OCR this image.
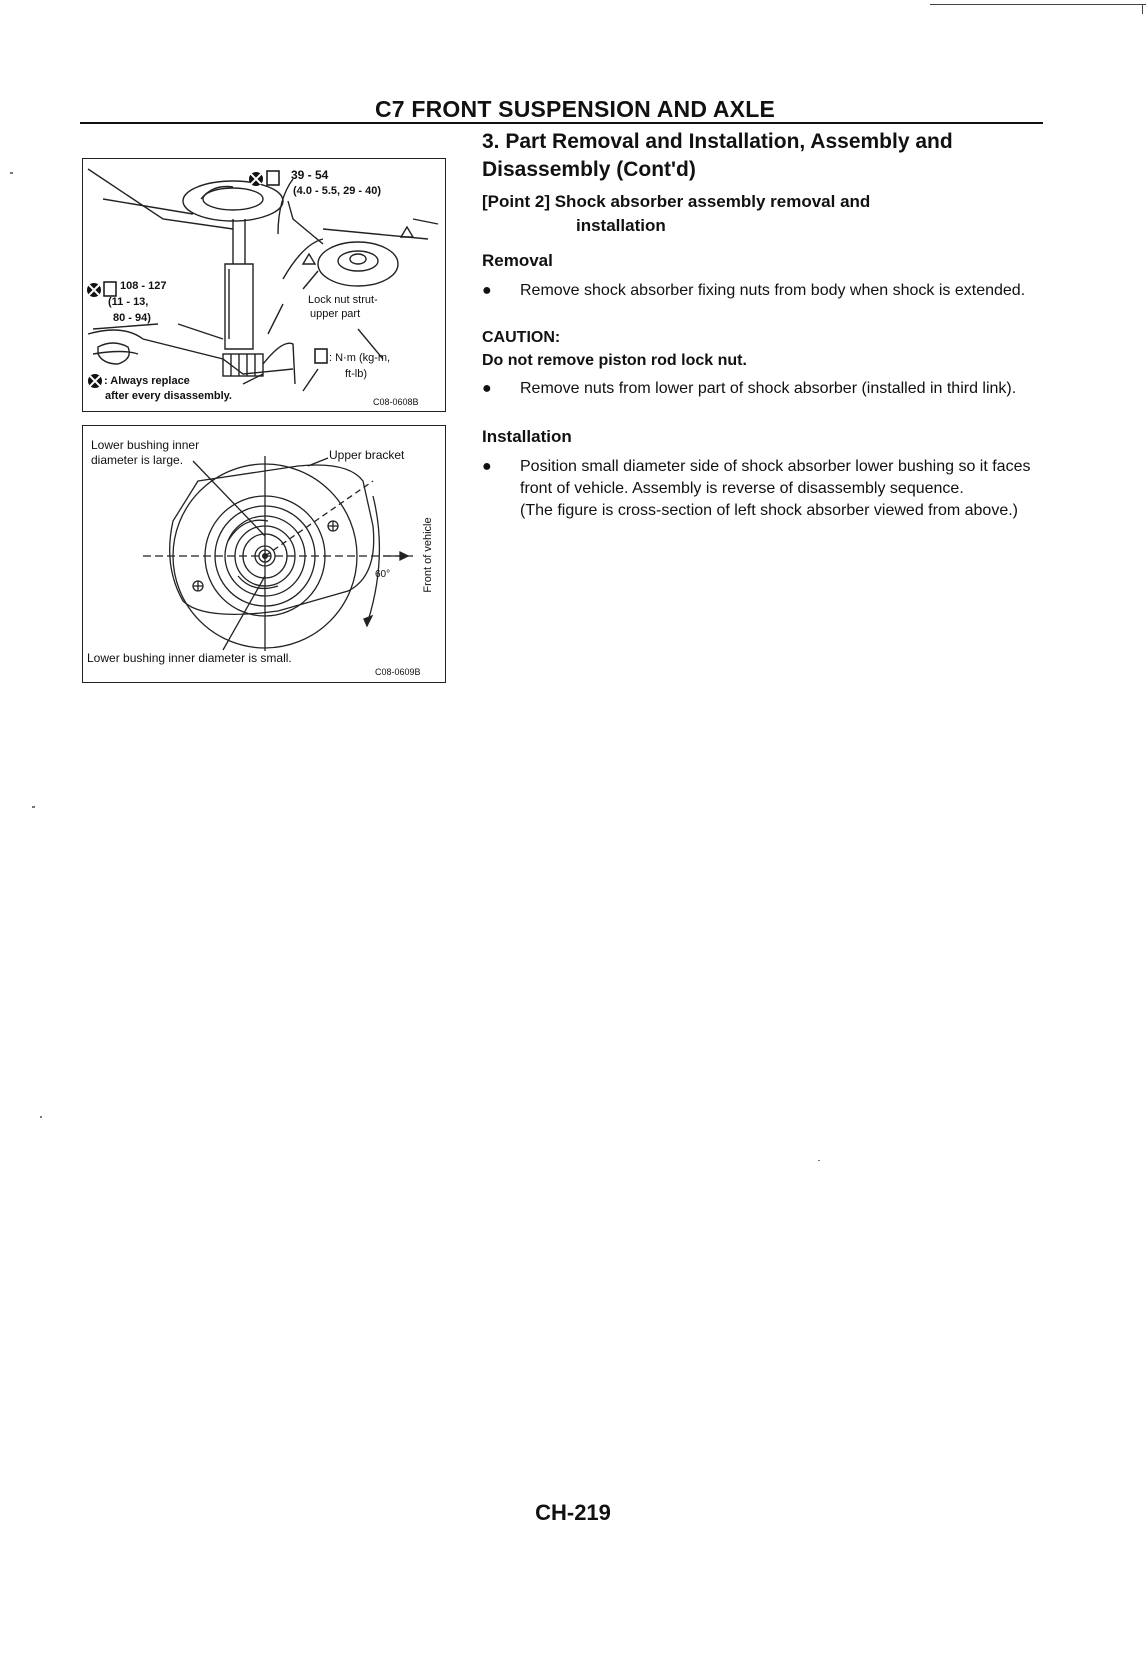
C7 FRONT SUSPENSION AND AXLE
39 - 54
(4.0 - 5.5, 29 - 40)
108 - 127
(11 - 13,
80 - 94)
Lock nut strut-
upper part
: N·m (kg-m,
ft-lb)
: Always replace
after every disassembly.	C08-0608B
Lower bushing inner
diameter is large.	Upper bracket
60°	Front of vehicle
Lower bushing inner diameter is small.
C08-0609B
3. Part Removal and Installation, Assembly and Disassembly (Cont'd)
[Point 2] Shock absorber assembly removal and
installation
Removal
●	Remove shock absorber fixing nuts from body when shock is extended.
CAUTION:
Do not remove piston rod lock nut.
●	Remove nuts from lower part of shock absorber (installed in third link).
Installation
●	Position small diameter side of shock absorber lower bushing so it faces front of vehicle. Assembly is reverse of disassembly sequence.
(The figure is cross-section of left shock absorber viewed from above.)
CH-219
